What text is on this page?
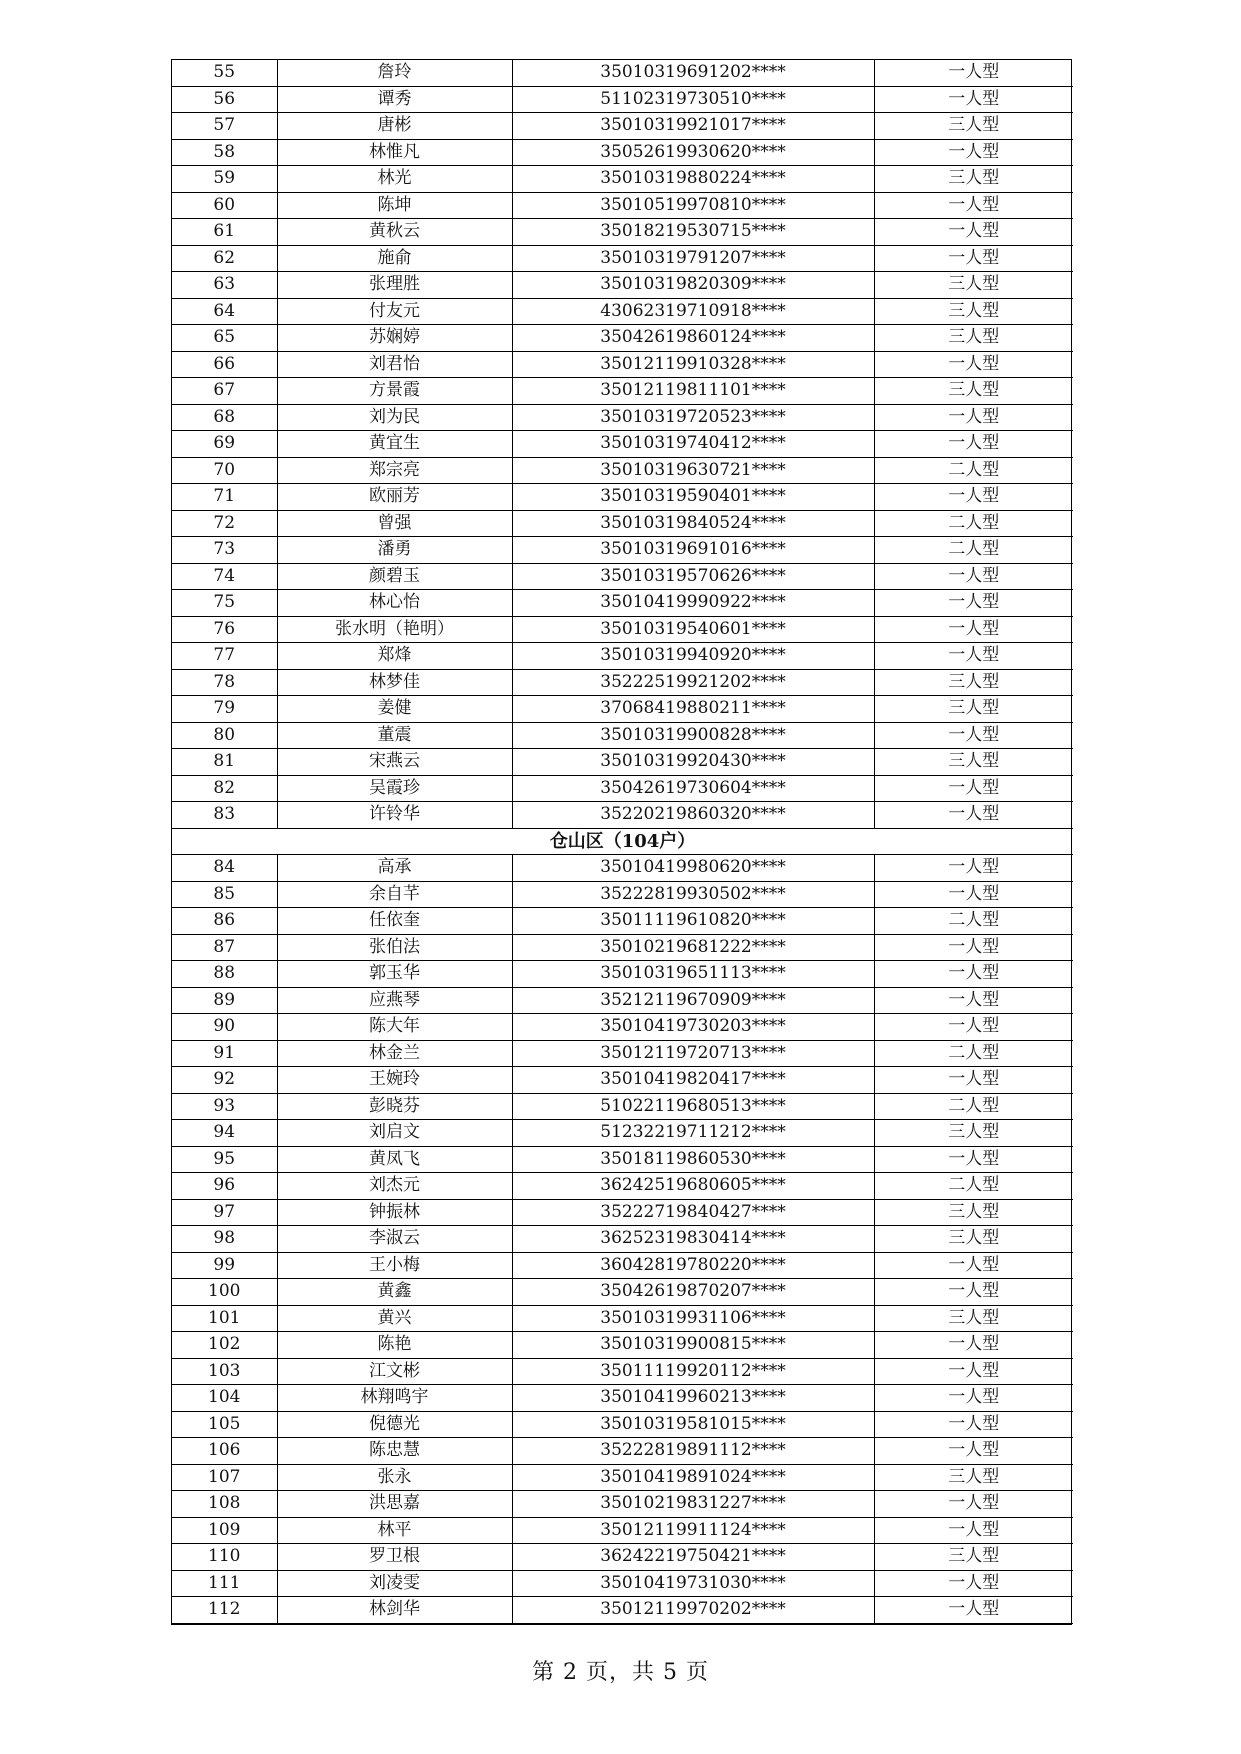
55	詹玲	35010319691202****	一人型
56	谭秀	51102319730510****	一人型
57	唐彬	35010319921017****	三人型
58	林惟凡	35052619930620****	一人型
59	林光	35010319880224****	三人型
60	陈坤	35010519970810****	一人型
61	黄秋云	35018219530715****	一人型
62	施俞	35010319791207****	一人型
63	张理胜	35010319820309****	三人型
64	付友元	43062319710918****	三人型
65	苏娴婷	35042619860124****	三人型
66	刘君怡	35012119910328****	一人型
67	方景霞	35012119811101****	三人型
68	刘为民	35010319720523****	一人型
69	黄宜生	35010319740412****	一人型
70	郑宗亮	35010319630721****	二人型
71	欧丽芳	35010319590401****	一人型
72	曾强	35010319840524****	二人型
73	潘勇	35010319691016****	二人型
74	颜碧玉	35010319570626****	一人型
75	林心怡	35010419990922****	一人型
76	张水明（艳明）	35010319540601****	一人型
77	郑烽	35010319940920****	一人型
78	林梦佳	35222519921202****	三人型
79	姜健	37068419880211****	三人型
80	董震	35010319900828****	一人型
81	宋燕云	35010319920430****	三人型
82	吴霞珍	35042619730604****	一人型
83	许铃华	35220219860320****	一人型
仓山区（104户）			
84	高承	35010419980620****	一人型
85	余自芊	35222819930502****	一人型
86	任依奎	35011119610820****	二人型
87	张伯法	35010219681222****	一人型
88	郭玉华	35010319651113****	一人型
89	应燕琴	35212119670909****	一人型
90	陈大年	35010419730203****	一人型
91	林金兰	35012119720713****	二人型
92	王婉玲	35010419820417****	一人型
93	彭晓芬	51022119680513****	二人型
94	刘启文	51232219711212****	三人型
95	黄凤飞	35018119860530****	一人型
96	刘杰元	36242519680605****	二人型
97	钟振林	35222719840427****	三人型
98	李淑云	36252319830414****	三人型
99	王小梅	36042819780220****	一人型
100	黄鑫	35042619870207****	一人型
101	黄兴	35010319931106****	三人型
102	陈艳	35010319900815****	一人型
103	江文彬	35011119920112****	一人型
104	林翔鸣宇	35010419960213****	一人型
105	倪德光	35010319581015****	一人型
106	陈忠慧	35222819891112****	一人型
107	张永	35010419891024****	三人型
108	洪思嘉	35010219831227****	一人型
109	林平	35012119911124****	一人型
110	罗卫根	36242219750421****	三人型
111	刘凌雯	35010419731030****	一人型
112	林剑华	35012119970202****	一人型
第 2 页，共 5 页
